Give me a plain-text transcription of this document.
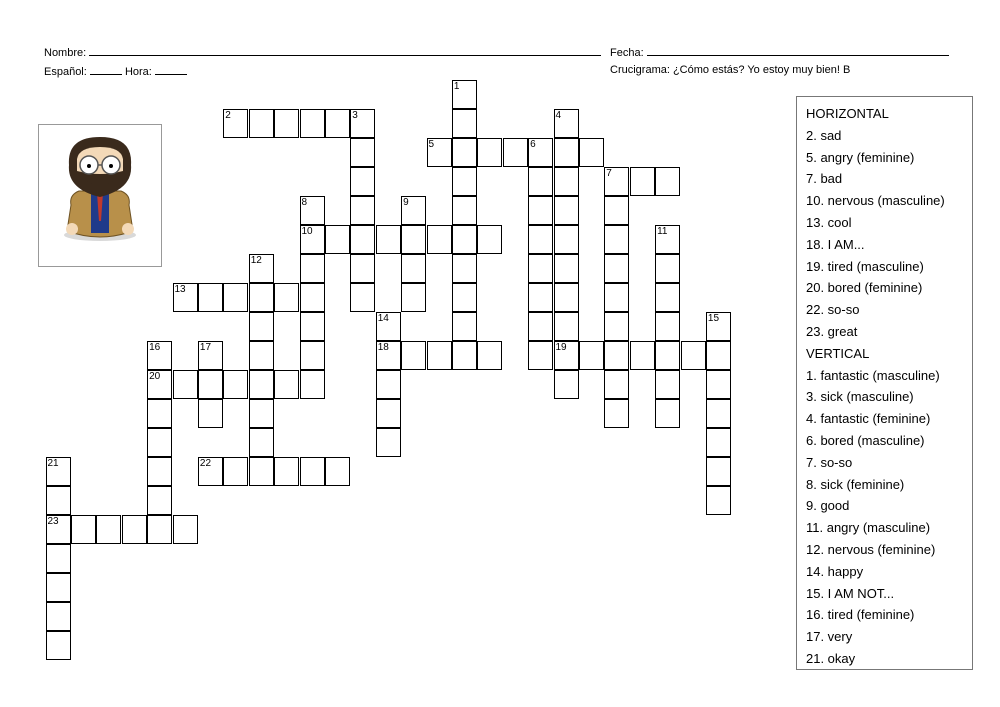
Nombre:	Fecha:
Español:	Hora:	Crucigrama: ¿Cómo estás? Yo estoy muy bien! B
1
2	3	4
5	6
7
8	9
10	11
12
13
14	15
16	17	18	19
20
21	22
23
HORIZONTAL
2. sad
5. angry (feminine)
7. bad
10. nervous (masculine)
13. cool
18. I AM...
19. tired (masculine)
20. bored (feminine)
22. so-so
23. great
VERTICAL
1. fantastic (masculine)
3. sick (masculine)
4. fantastic (feminine)
6. bored (masculine)
7. so-so
8. sick (feminine)
9. good
11. angry (masculine)
12. nervous (feminine)
14. happy
15. I AM NOT...
16. tired (feminine)
17. very
21. okay
